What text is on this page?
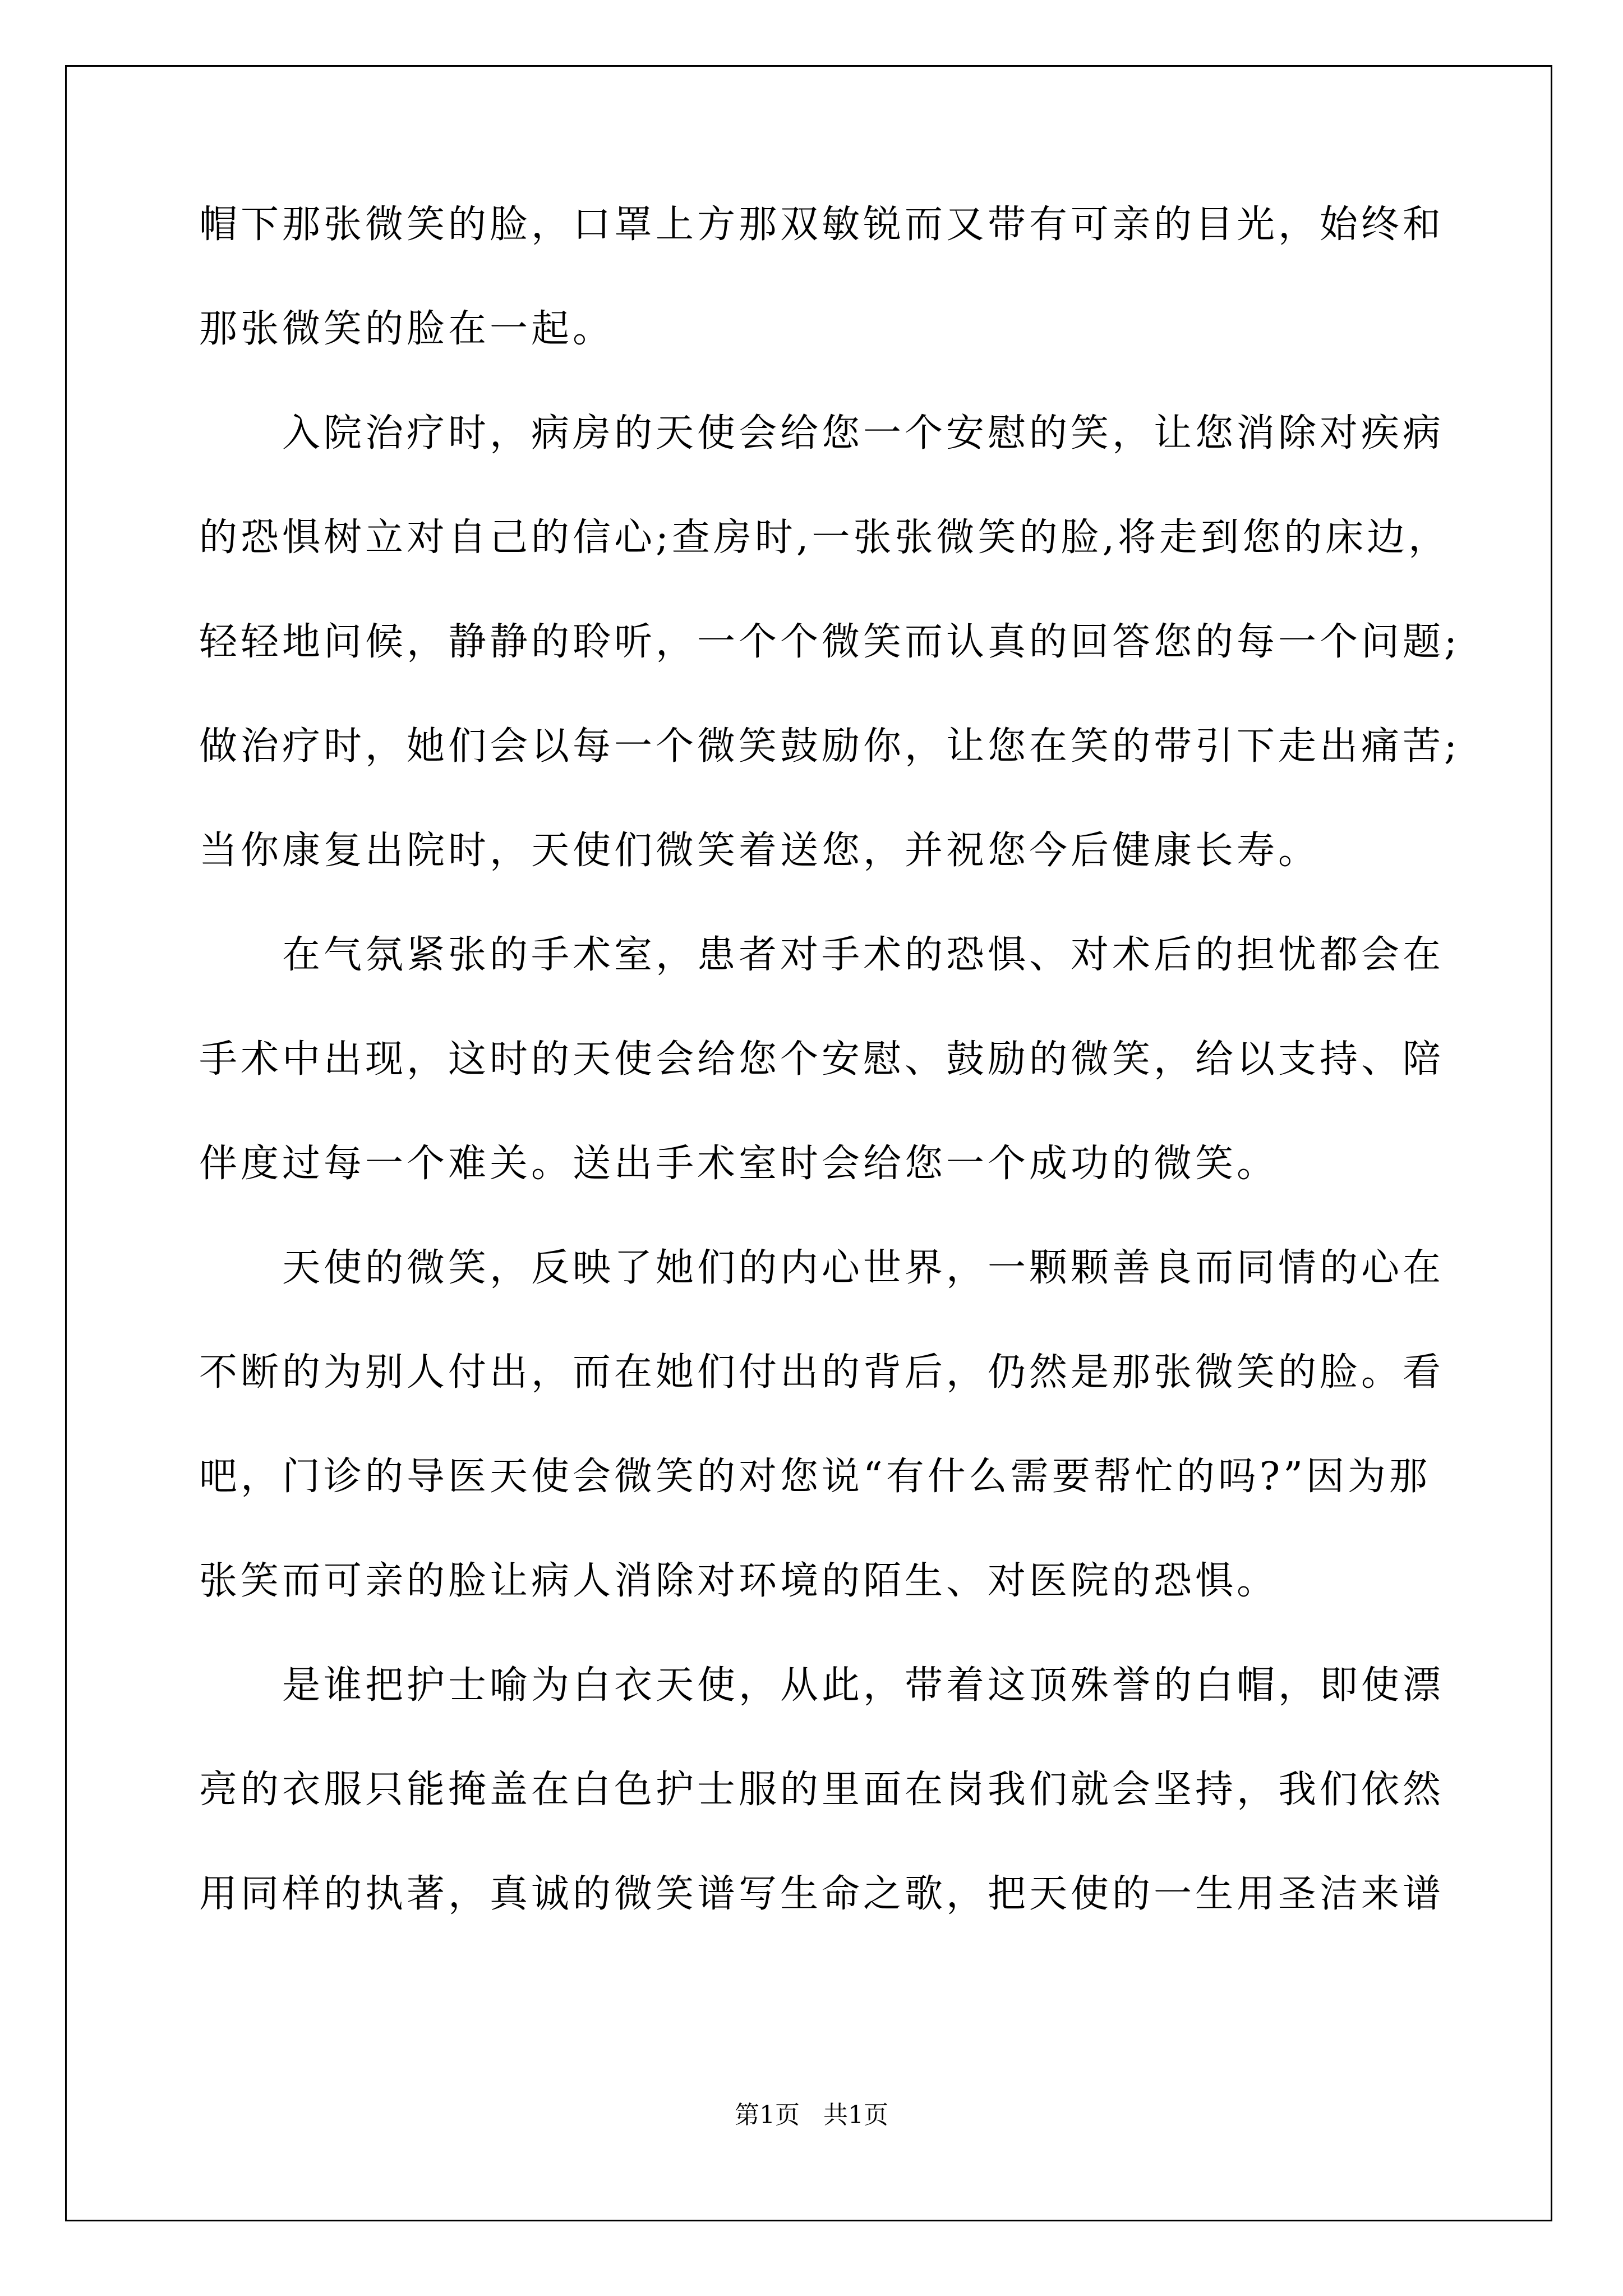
帽下那张微笑的脸，口罩上方那双敏锐而又带有可亲的目光，始终和
那张微笑的脸在一起。
　　入院治疗时，病房的天使会给您一个安慰的笑，让您消除对疾病
的恐惧树立对自己的信心;查房时,一张张微笑的脸,将走到您的床边，
轻轻地问候，静静的聆听，一个个微笑而认真的回答您的每一个问题;
做治疗时，她们会以每一个微笑鼓励你，让您在笑的带引下走出痛苦;
当你康复出院时，天使们微笑着送您，并祝您今后健康长寿。
　　在气氛紧张的手术室，患者对手术的恐惧、对术后的担忧都会在
手术中出现，这时的天使会给您个安慰、鼓励的微笑，给以支持、陪
伴度过每一个难关。送出手术室时会给您一个成功的微笑。
　　天使的微笑，反映了她们的内心世界，一颗颗善良而同情的心在
不断的为别人付出，而在她们付出的背后，仍然是那张微笑的脸。看
吧，门诊的导医天使会微笑的对您说“有什么需要帮忙的吗?”因为那
张笑而可亲的脸让病人消除对环境的陌生、对医院的恐惧。
　　是谁把护士喻为白衣天使，从此，带着这顶殊誉的白帽，即使漂
亮的衣服只能掩盖在白色护士服的里面在岗我们就会坚持，我们依然
用同样的执著，真诚的微笑谱写生命之歌，把天使的一生用圣洁来谱
第1页   共1页
